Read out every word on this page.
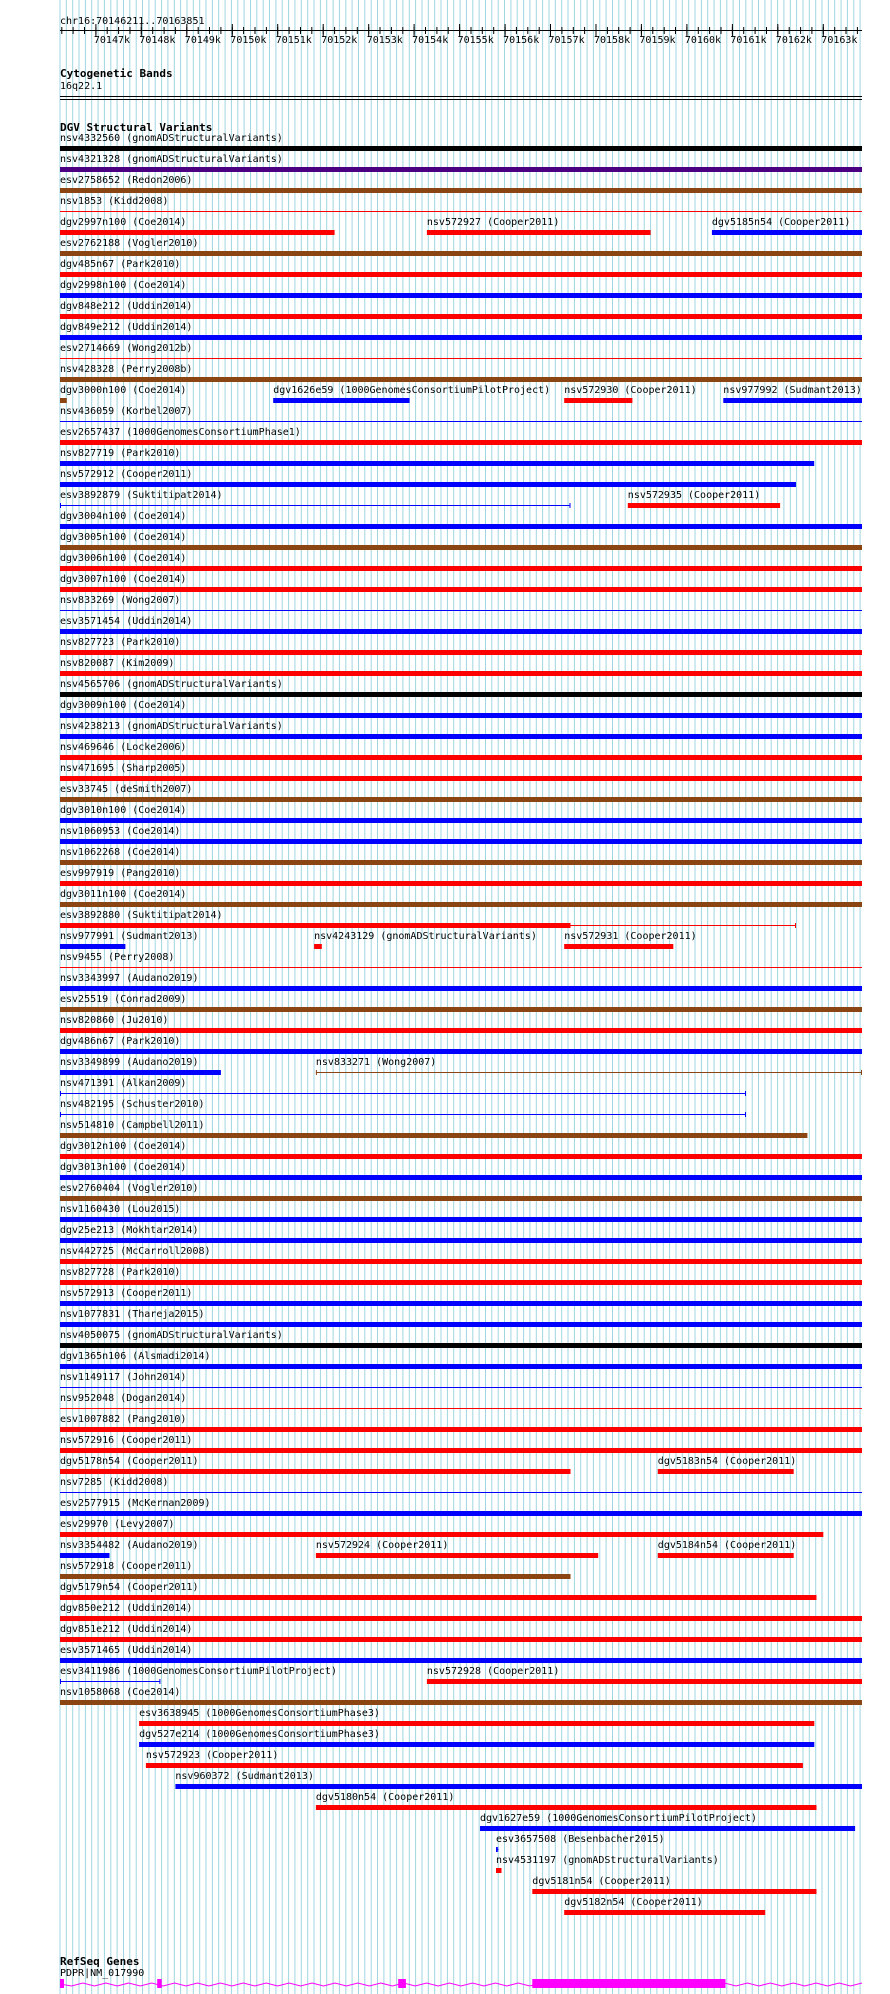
chr16:70146211..70163851
70147k 70148k 70149k 70150k 70151k 70152k 70153k 70154k 70155k 70156k 70157k 70158k 70159k 70160k 70161k 70162k 70163k
Cytogenetic Bands
16q22.1
DGV Structural Variants
nsv4332560 (gnomADStructuralVariants)
nsv4321328 (gnomADStructuralVariants)
esv2758652 (Redon2006)
nsv1853 (Kidd2008)
dgv2997n100 (Coe2014)	nsv572927 (Cooper2011)	dgv5185n54 (Cooper2011)
esv2762188 (Vogler2010)
dgv485n67 (Park2010)
dgv2998n100 (Coe2014)
dgv848e212 (Uddin2014)
dgv849e212 (Uddin2014)
esv2714669 (Wong2012b)
nsv428328 (Perry2008b)
dgv3000n100 (Coe2014)	dgv1626e59 (1000GenomesConsortiumPilotProject) nsv572930 (Cooper2011)	nsv977992 (Sudmant2013)
nsv436059 (Korbel2007)
esv2657437 (1000GenomesConsortiumPhase1)
nsv827719 (Park2010)
nsv572912 (Cooper2011)
esv3892879 (Suktitipat2014)	nsv572935 (Cooper2011)
dgv3004n100 (Coe2014)
dgv3005n100 (Coe2014)
dgv3006n100 (Coe2014)
dgv3007n100 (Coe2014)
nsv833269 (Wong2007)
esv3571454 (Uddin2014)
nsv827723 (Park2010)
nsv820087 (Kim2009)
nsv4565706 (gnomADStructuralVariants)
dgv3009n100 (Coe2014)
nsv4238213 (gnomADStructuralVariants)
nsv469646 (Locke2006)
nsv471695 (Sharp2005)
esv33745 (deSmith2007)
dgv3010n100 (Coe2014)
nsv1060953 (Coe2014)
nsv1062268 (Coe2014)
esv997919 (Pang2010)
dgv3011n100 (Coe2014)
esv3892880 (Suktitipat2014)
nsv977991 (Sudmant2013)	nsv4243129 (gnomADStructuralVariants)	nsv572931 (Cooper2011)
nsv9455 (Perry2008)
nsv3343997 (Audano2019)
esv25519 (Conrad2009)
nsv820860 (Ju2010)
dgv486n67 (Park2010)
nsv3349899 (Audano2019)	nsv833271 (Wong2007)
nsv471391 (Alkan2009)
nsv482195 (Schuster2010)
nsv514810 (Campbell2011)
dgv3012n100 (Coe2014)
dgv3013n100 (Coe2014)
esv2760404 (Vogler2010)
nsv1160430 (Lou2015)
dgv25e213 (Mokhtar2014)
nsv442725 (McCarroll2008)
nsv827728 (Park2010)
nsv572913 (Cooper2011)
nsv1077831 (Thareja2015)
nsv4050075 (gnomADStructuralVariants)
dgv1365n106 (Alsmadi2014)
nsv1149117 (John2014)
nsv952048 (Dogan2014)
esv1007882 (Pang2010)
nsv572916 (Cooper2011)
dgv5178n54 (Cooper2011)	dgv5183n54 (Cooper2011)
nsv7285 (Kidd2008)
esv2577915 (McKernan2009)
esv29970 (Levy2007)
nsv3354482 (Audano2019)	nsv572924 (Cooper2011)	dgv5184n54 (Cooper2011)
nsv572918 (Cooper2011)
dgv5179n54 (Cooper2011)
dgv850e212 (Uddin2014)
dgv851e212 (Uddin2014)
esv3571465 (Uddin2014)
esv3411986 (1000GenomesConsortiumPilotProject)	nsv572928 (Cooper2011)
nsv1058068 (Coe2014)
esv3638945 (1000GenomesConsortiumPhase3)
dgv527e214 (1000GenomesConsortiumPhase3)
nsv572923 (Cooper2011)
nsv960372 (Sudmant2013)
dgv5180n54 (Cooper2011)
dgv1627e59 (1000GenomesConsortiumPilotProject)
esv3657508 (Besenbacher2015)
nsv4531197 (gnomADStructuralVariants)
dgv5181n54 (Cooper2011)
dgv5182n54 (Cooper2011)
RefSeq Genes
PDPR|NM_017990
